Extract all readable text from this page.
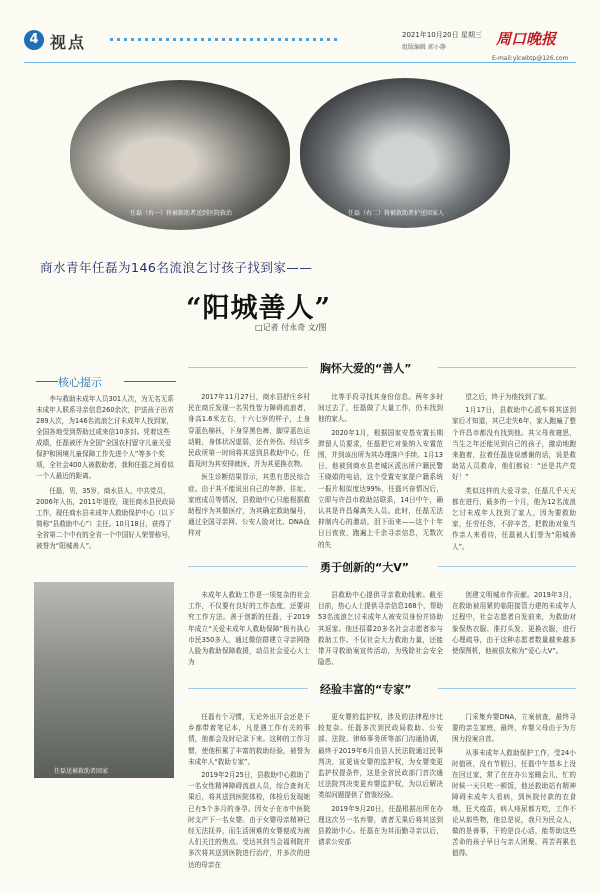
4 视点	2021年10月20日 星期三
组版编辑 郭小静	周口晚报
E-mail:ylcwbtp@126.com
任磊（右一）将被救助者送到医院救治	任磊（右二）将被救助者护送回家人
商水青年任磊为146名流浪乞讨孩子找到家——
“阳城善人”
□记者 付永奇 文/图
核心提示

李与救助未成年人员301人次，为无名无系未成年人联系寻亲信息260余次，护送孩子出省289人次，为146名流浪乞讨未成年人找到家，全国各地受到帮助过或来信10多封。凭着这些成绩，任磊被评为全国“全国农村留守儿童关爱保护和困境儿童保障工作先进个人”等多个奖项，全社会400人被救助者，我和任磊之间看似一个人最近的距离。

任磊，男，35岁，商水县人，中共党员，2006年入伍，2011年退役，现任商水县民政局工作，现任商水县未成年人救助保护中心（以下简称“县救助中心”）主任。10月18日，获得了全省第二个中有的全省一个中国好人荣誉称号，被誉为“阳城善人”。

任磊送被救助者回家
胸怀大爱的“善人”

2017年11月27日，商水县舒庄乡村民在商丘发现一名男性智力障碍流浪者，身高1.6米左右，十六七岁的样子，上身穿蓝色棉袄，下身穿黑色裤，脚穿蓝色运动鞋，身体状况虚弱，还有外伤。经店乡民政所第一时间将其送到县救助中心，任磊及时为其安排就医，并为其更换衣物。

医生诊断结果显示，其患有患民综合症。由于其不能说出自己的年龄、住址、家庭成员等情况，县救助中心只能根据救助程序为其做医疗，为其确定救助编号，通过全国寻亲网、公安人脸对比、DNA血样对

比等手段寻找其身份信息。两年多时间过去了，任磊做了大量工作，仍未找到他的家人。

2020年1月，根据国家安基安置长期滞留人员要求，任磊把它对象纳入安置范围，并到该出所为其办理落户手续。1月13日，他被到商水县老城区派出所户籍民警王晓娟的电话，这个受置安家提户籍系统一报片相似度达99%，任磊兴奋情况后，立即与许昌市救助站联系，14日中午，确认其是许昌爆离失人员。此时，任磊无法抑制内心的激动，泪下而来——这个十年日日夜夜，跑遍上千余寻亲信息，无数次的失

望之后，终于为他找到了家。

1月17日，县救助中心派车将其送到家后才知道，其已走失6年，家人跑遍了整个许昌市都没有找到他。其父母夜寝思，当生之年还能见到自己的孩子，激动地跑来抱着，拉着任磊连说感谢的话，说是救助站人员救命，他们都说：“还是共产党好！”

类似这样的大爱寻亲，任磊几乎天天都在进行，最多的一个月，他为12名流浪乞讨未成年人找到了家人，因为要救助家，任劳任怨，不辞辛苦，把救助对象当作亲人来看待，任磊被人们誉为“阳城善人”。

勇于创新的“大V”

未成年人救助工作是一项复杂的社会工作，不仅要有良好的工作态度，还要讲究工作方法。善于创新的任磊，于2019年成立“关爱未成年人救助保障”极有执心市民350多人，通过微信群建立寻亲网络人脸为救助保障救援，动员社会爱心人士为

县救助中心提供寻亲救助线索。截至目前，热心人士提供寻亲信息168个，帮助53名流浪乞讨未成年人被安员身份并协助其返家。他还招募20多名社会志愿者参与救助工作。不仅社会大力救助力量，还能带开寻救助案宣传活动，为残除社会安全隐患、

创建文明城市作贡献。2019年3月，在救助被用紧的临阳接管力建的未成年人过程中，社会志愿者自发前来，为救助对象保热衣服、准打头发、更换衣服，进行心理疏导，由于这种志愿者数量越来越多使保图机，他被很友称为“爱心大V”。

经验丰富的“专家”

任磊有个习惯，无论外出开会还是下乡都带着笔记本，凡是遇工作有关的事情，他都会及时记录下来。这种的工作习惯，使他积累了丰富的救助经验，被誉为未成年人“救助专家”。

2019年2月25日，县救助中心救助了一名女性精神障碍流浪人员，综合查询无果后，将其送到医院体检，体检后发现她已有5个多月的身孕。因女子在市中医院时支产下一名女婴。由于女婴母亲精神已经无法抚养，而生活困难的女婴便成为被人们关注的焦点。受达其到当会福利院并多次将其送到医院进行治疗，并多次的进达的母亲在

更女婴的监护权，涉及的法律程序比较复杂。任磊多次到民政局救助、公安部、法院、律师事务所等部门沟通协调，最终于2019年6月由县人民法院通过民事判决，宣更该女婴的监护权，为女婴变更监护权提条件，这是全省民政部门首次通过法院判决变更弃婴监护权，为以后解决类似问题提供了借鉴经验。

2019年9月20日，任磊根据出所在办理这次另一名弃婴，请者无果后将其送到县救助中心。任磊在为其而勤寻亲以后，请求公安部

门采集弃婴DNA，立案侦查，最终寻要的亲生家庭，最终，弃婴父母由于为方困力投案自首。

从事未成年人救助保护工作，受24小时值班，没有节假日，任磊中午基本上没在回过家，常了在在办公室睡会儿，忙的时候一天只吃一顿饭，他还救助站有精神障碍未成年人看病，到医院付款的衣食地，狂犬疫苗，病人痔尿都方吃，工作不论从那些物，他总是说，我只为民众人，做的是善事，干的是良心活，能帮助这些苦命的孩子早日与亲人团聚，再苦再累也值得。
